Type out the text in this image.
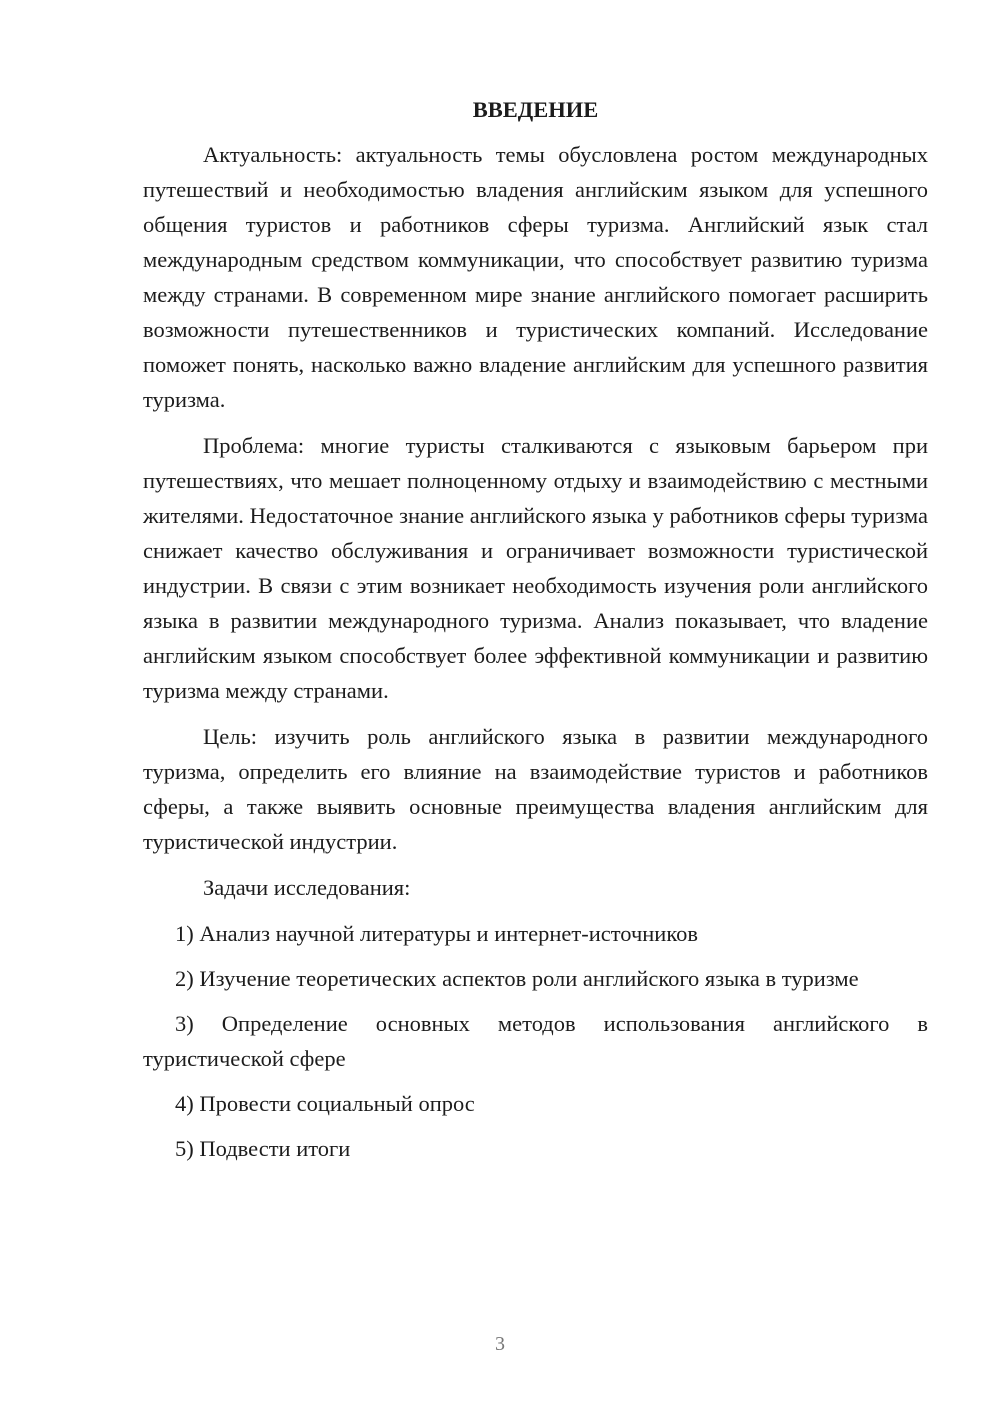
ВВЕДЕНИЕ

Актуальность: актуальность темы обусловлена ростом международных путешествий и необходимостью владения английским языком для успешного общения туристов и работников сферы туризма. Английский язык стал международным средством коммуникации, что способствует развитию туризма между странами. В современном мире знание английского помогает расширить возможности путешественников и туристических компаний. Исследование поможет понять, насколько важно владение английским для успешного развития туризма.

Проблема: многие туристы сталкиваются с языковым барьером при путешествиях, что мешает полноценному отдыху и взаимодействию с местными жителями. Недостаточное знание английского языка у работников сферы туризма снижает качество обслуживания и ограничивает возможности туристической индустрии. В связи с этим возникает необходимость изучения роли английского языка в развитии международного туризма. Анализ показывает, что владение английским языком способствует более эффективной коммуникации и развитию туризма между странами.

Цель: изучить роль английского языка в развитии международного туризма, определить его влияние на взаимодействие туристов и работников сферы, а также выявить основные преимущества владения английским для туристической индустрии.

Задачи исследования:

1) Анализ научной литературы и интернет-источников

2) Изучение теоретических аспектов роли английского языка в туризме

3) Определение основных методов использования английского в туристической сфере

4) Провести социальный опрос

5) Подвести итоги

3
